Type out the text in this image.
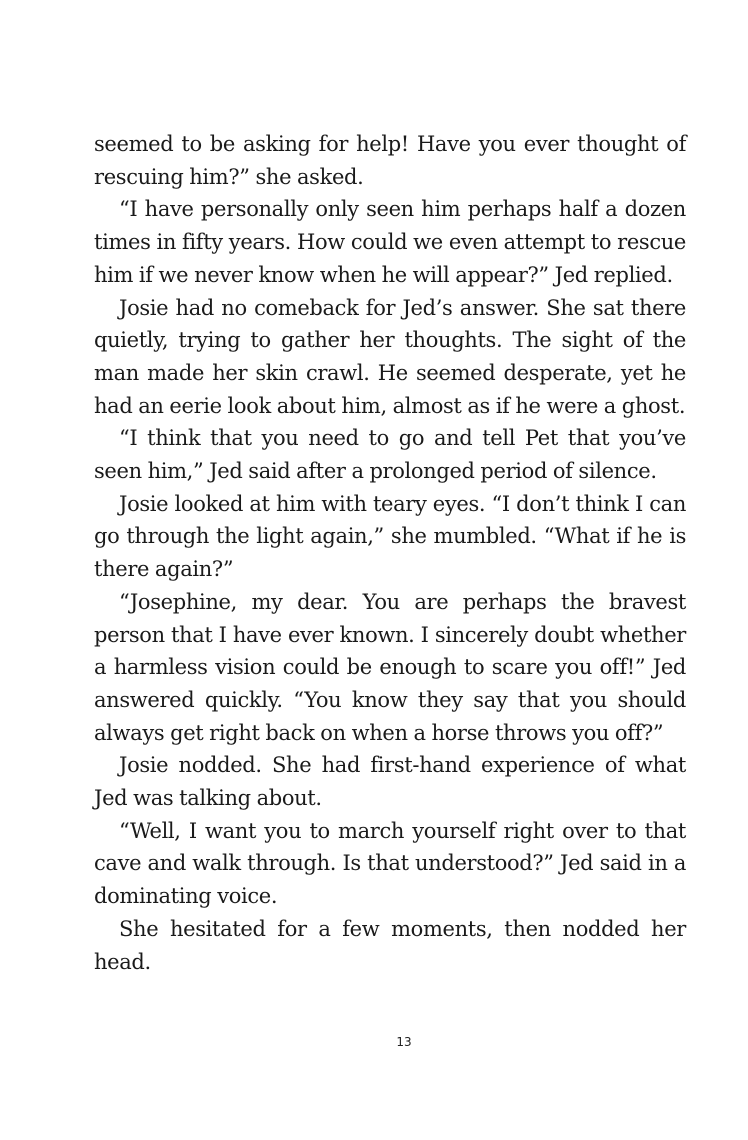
seemed to be asking for help! Have you ever thought of rescuing him?” she asked.

“I have personally only seen him perhaps half a dozen times in fifty years. How could we even attempt to rescue him if we never know when he will appear?” Jed replied.

Josie had no comeback for Jed’s answer. She sat there quietly, trying to gather her thoughts. The sight of the man made her skin crawl. He seemed desperate, yet he had an eerie look about him, almost as if he were a ghost.

“I think that you need to go and tell Pet that you’ve seen him,” Jed said after a prolonged period of silence.

Josie looked at him with teary eyes. “I don’t think I can go through the light again,” she mumbled. “What if he is there again?”

“Josephine, my dear. You are perhaps the bravest person that I have ever known. I sincerely doubt whether a harmless vision could be enough to scare you off!” Jed answered quickly. “You know they say that you should always get right back on when a horse throws you off?”

Josie nodded. She had first-hand experience of what Jed was talking about.

“Well, I want you to march yourself right over to that cave and walk through. Is that understood?” Jed said in a dominating voice.

She hesitated for a few moments, then nodded her head.

13
